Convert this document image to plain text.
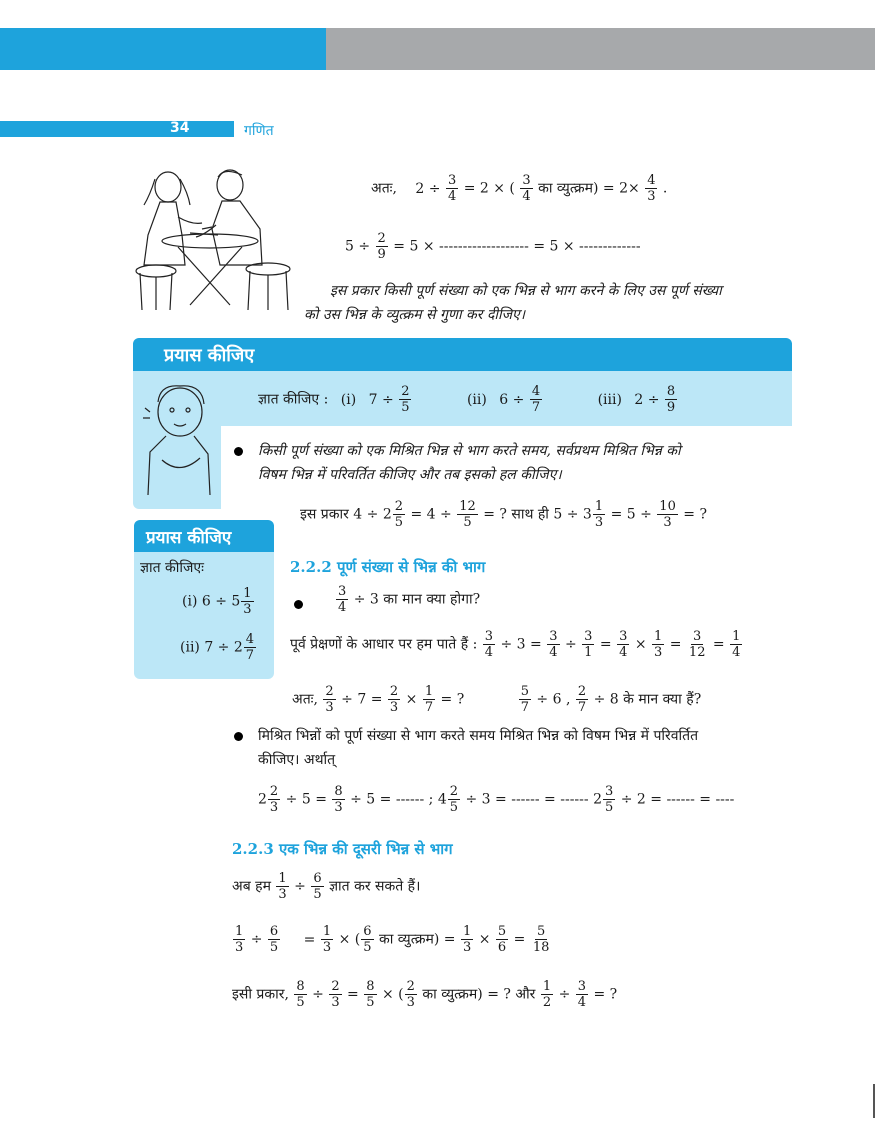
34	गणित
अतः, $2 \div \frac{3}{4} = 2$ × ( $\frac{3}{4}$ का व्युत्क्रम) = $2\times \frac{4}{3}$ .
$5 \div \frac{2}{9} = 5$ × ------------------- = 5 × -------------
इस प्रकार किसी पूर्ण संख्या को एक भिन्न से भाग करने के लिए उस पूर्ण संख्या
को उस भिन्न के व्युत्क्रम से गुणा कर दीजिए।
प्रयास कीजिए
ज्ञात कीजिए : (i) $7 \div \frac{2}{5}$	(ii) $6 \div \frac{4}{7}$	(iii) $2 \div \frac{8}{9}$
किसी पूर्ण संख्या को एक मिश्रित भिन्न से भाग करते समय, सर्वप्रथम मिश्रित भिन्न को
विषम भिन्न में परिवर्तित कीजिए और तब इसको हल कीजिए।
इस प्रकार $4 \div 2 \frac{2}{5} = 4 \div \frac{12}{5}$ = ? साथ ही $5 \div 3 \frac{1}{3} = 5 \div \frac{10}{3}$ = ?
प्रयास कीजिए
ज्ञात कीजिएः
(i) $6 \div 5 \frac{1}{3}$
(ii) $7 \div 2 \frac{4}{7}$
2.2.2 पूर्ण संख्या से भिन्न की भाग
$\frac{3}{4} \div 3$ का मान क्या होगा?
पूर्व प्रेक्षणों के आधार पर हम पाते हैं : $\frac{3}{4} \div 3 = \frac{3}{4} \div \frac{3}{1} = \frac{3}{4} \times \frac{1}{3} = \frac{3}{12} = \frac{1}{4}$
अतः, $\frac{2}{3} \div 7 = \frac{2}{3} \times \frac{1}{7}$ = ?	$\frac{5}{7} \div 6$ , $\frac{2}{7} \div 8$ के मान क्या हैं?
मिश्रित भिन्नों को पूर्ण संख्या से भाग करते समय मिश्रित भिन्न को विषम भिन्न में परिवर्तित
कीजिए। अर्थात्
$2 \frac{2}{3} \div 5 = \frac{8}{3} \div 5$ = ------ ; $4 \frac{2}{5} \div 3$ = ------ = ------ $2 \frac{3}{5} \div 2$ = ------ = ----
2.2.3 एक भिन्न की दूसरी भिन्न से भाग
अब हम $\frac{1}{3} \div \frac{6}{5}$ ज्ञात कर सकते हैं।
$\frac{1}{3} \div \frac{6}{5} = \frac{1}{3}$ × ( $\frac{6}{5}$ का व्युत्क्रम) = $\frac{1}{3} \times \frac{5}{6} = \frac{5}{18}$
इसी प्रकार, $\frac{8}{5} \div \frac{2}{3} = \frac{8}{5}$ × ( $\frac{2}{3}$ का व्युत्क्रम) = ? और $\frac{1}{2} \div \frac{3}{4}$ = ?
